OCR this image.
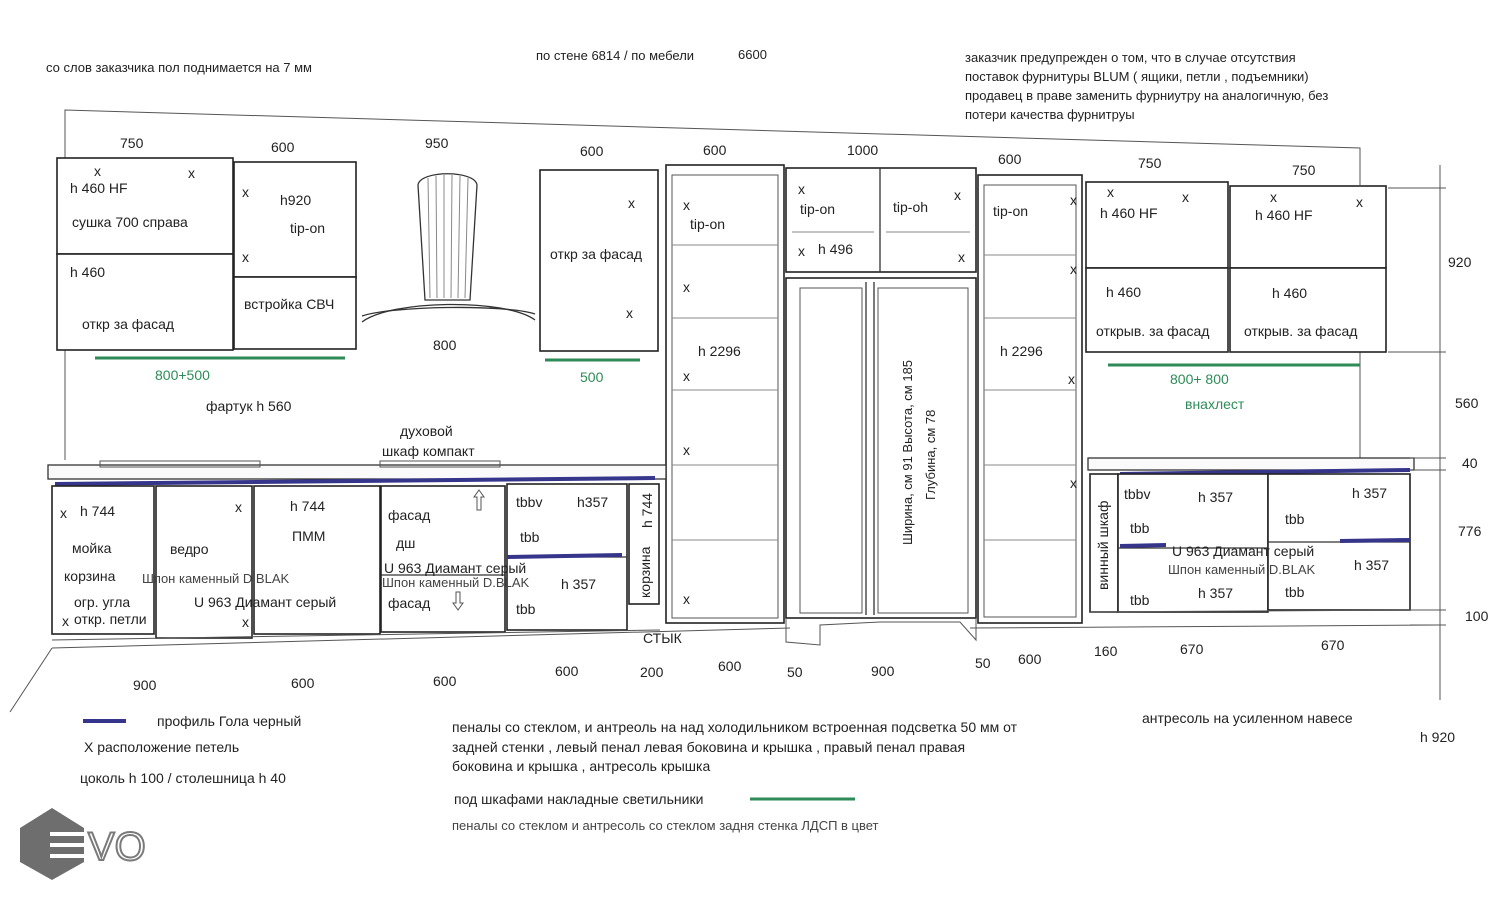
x	x
x
x
x
x
x
x
x
x
x
x
x
x
x
x
x
x
x
x	x	x	x
x	x
x	x
со слов заказчика пол поднимается на 7 мм
по стене 6814 / по мебели	6600	заказчик предупрежден о том, что в случае отсутствия
поставок фурнитуры BLUM ( ящики, петли , подъемники)
продавец в праве заменить фурниутру на аналогичную, без
потери качества фурнитруы
750	600	950	600	600	1000
600	750	750
h 460 HF
сушка 700 справа
h 460
откр за фасад
h920
tip-on
встройка СВЧ
800
откр за фасад
h 460 HF	h 460 HF
h 460
открыв. за фасад
h 460
открыв. за фасад
tip-on
h 2296
tip-on	tip-oh
h 496
Ширина, см 91 Высота, см 185 Глубина, см 78
tip-on
h 2296
800+500	500	800+ 800
внахлест
фартук h 560
духовой
шкаф компакт
h 744
мойка
корзина
огр. угла
откр. петли
ведро
Шпон каменный D.BLAK
U 963 Диамант серый
h 744
ПММ
фасад
дш
U 963 Диамант серый
Шпон каменный D.BLAK
фасад
tbbv h357
tbb
h 357
tbb
h 744
корзина
СТЫК
винный шкаф
tbbv	h 357
tbb
h 357
tbb
U 963 Диамант серый
Шпон каменный D.BLAK	h 357
tbb	h 357	tbb
920
560
40
776
100
h 920
900	600	600
600	200	600	50	900	50 600	160	670	670
профиль Гола черный
X расположение петель
цоколь h 100 / столешница h 40
пеналы со стеклом, и антреоль на над холодильником встроенная подсветка 50 мм от
задней стенки , левый пенал левая боковина и крышка , правый пенал правая
боковина и крышка , антресоль крышка
под шкафами накладные светильники
пеналы со стеклом и антресоль со стеклом задня стенка ЛДСП в цвет
антресоль на усиленном навесе
VO
